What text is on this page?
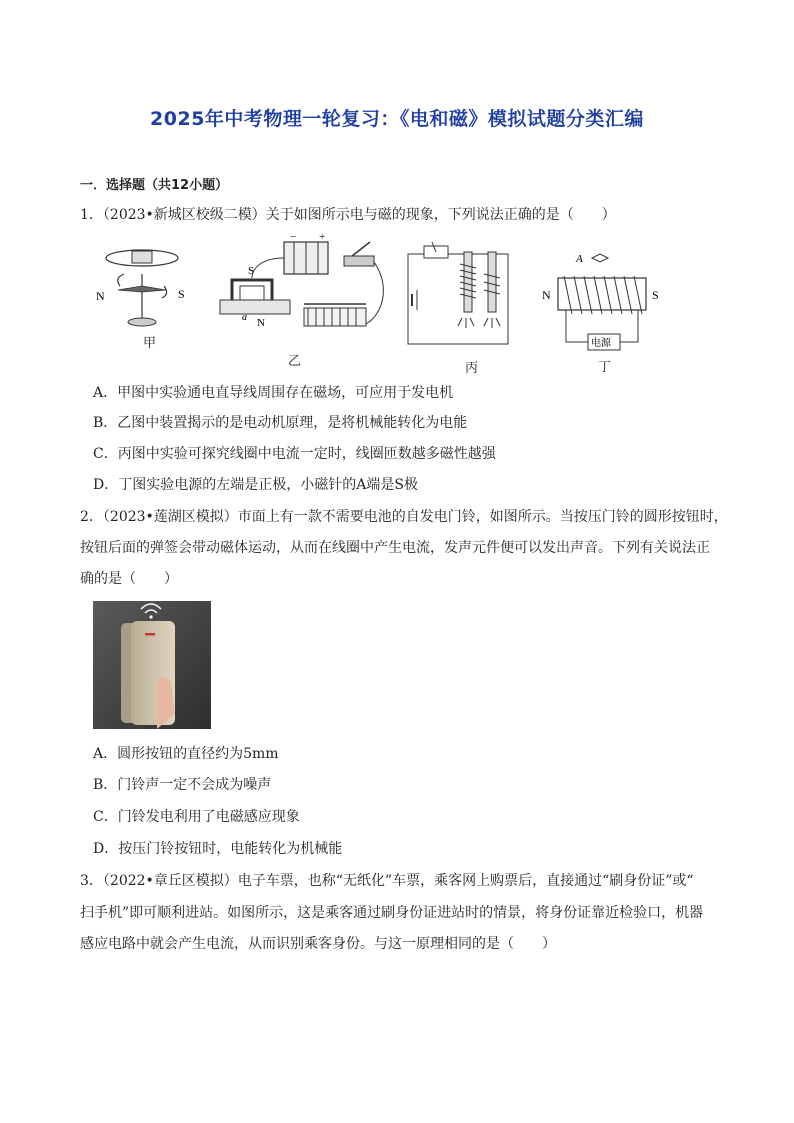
2025年中考物理一轮复习：《电和磁》模拟试题分类汇编
一．选择题（共12小题）
1．（2023•新城区校级二模）关于如图所示电与磁的现象，下列说法正确的是（　　）
N	S
甲
− +
S
N
a
乙	丙
A
N	S
电源
丁
A．甲图中实验通电直导线周围存在磁场，可应用于发电机
B．乙图中装置揭示的是电动机原理，是将机械能转化为电能
C．丙图中实验可探究线圈中电流一定时，线圈匝数越多磁性越强
D．丁图实验电源的左端是正极，小磁针的A端是S极
2．（2023•莲湖区模拟）市面上有一款不需要电池的自发电门铃，如图所示。当按压门铃的圆形按钮时，
按钮后面的弹签会带动磁体运动，从而在线圈中产生电流，发声元件便可以发出声音。下列有关说法正
确的是（　　）
A．圆形按钮的直径约为5mm
B．门铃声一定不会成为噪声
C．门铃发电利用了电磁感应现象
D．按压门铃按钮时，电能转化为机械能
3．（2022•章丘区模拟）电子车票，也称“无纸化”车票，乘客网上购票后，直接通过“刷身份证”或“
扫手机”即可顺利进站。如图所示，这是乘客通过刷身份证进站时的情景，将身份证靠近检验口，机器
感应电路中就会产生电流，从而识别乘客身份。与这一原理相同的是（　　）
